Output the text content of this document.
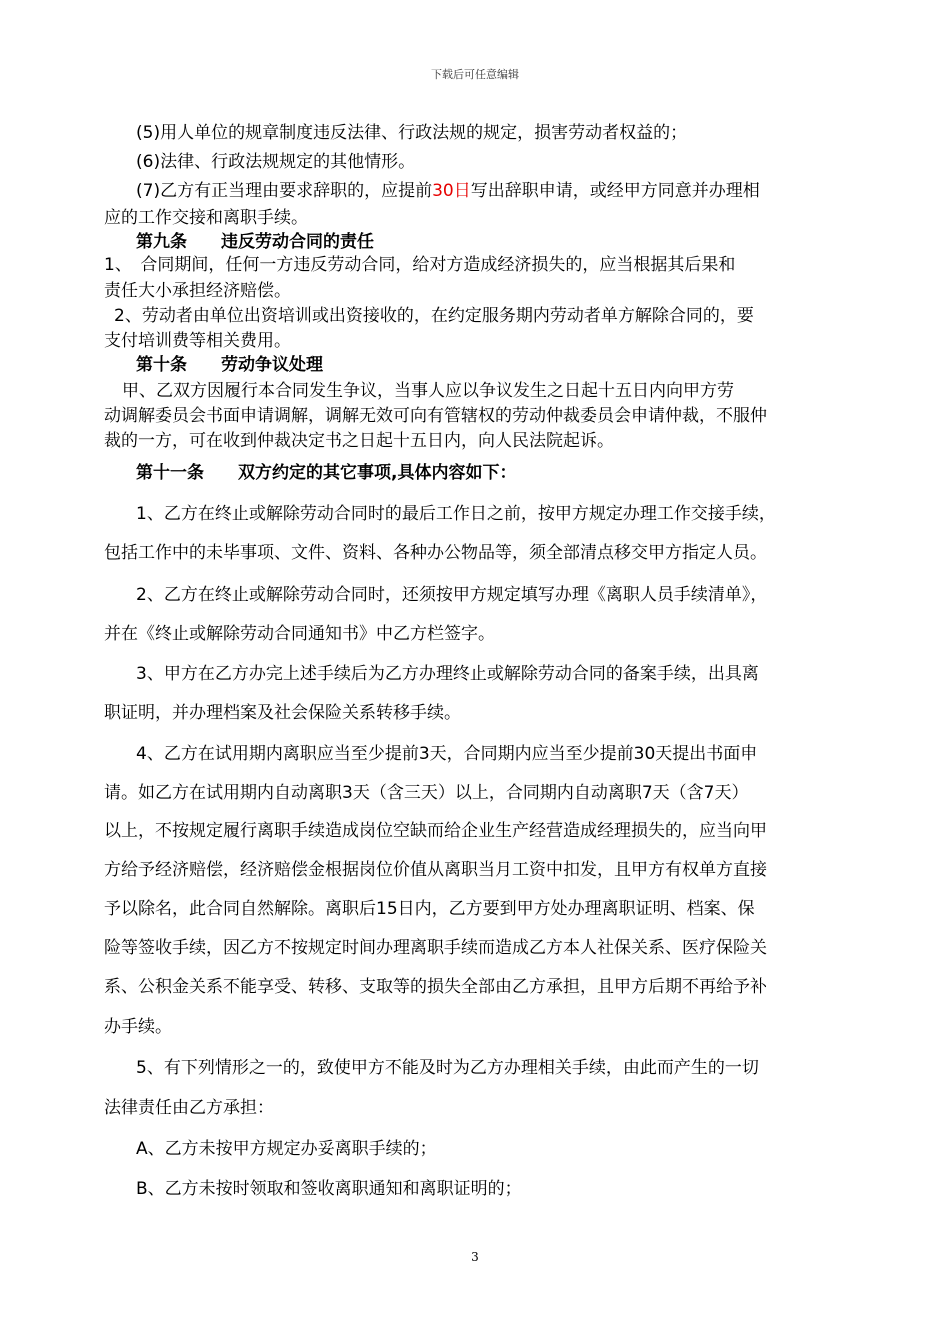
下载后可任意编辑
(5)用人单位的规章制度违反法律、行政法规的规定，损害劳动者权益的；
(6)法律、行政法规规定的其他情形。
(7)乙方有正当理由要求辞职的，应提前30日写出辞职申请，或经甲方同意并办理相
应的工作交接和离职手续。
第九条　　违反劳动合同的责任
1、　合同期间，任何一方违反劳动合同，给对方造成经济损失的，应当根据其后果和
责任大小承担经济赔偿。
2、劳动者由单位出资培训或出资接收的，在约定服务期内劳动者单方解除合同的，要
支付培训费等相关费用。
第十条　　劳动争议处理
甲、乙双方因履行本合同发生争议，当事人应以争议发生之日起十五日内向甲方劳
动调解委员会书面申请调解，调解无效可向有管辖权的劳动仲裁委员会申请仲裁，不服仲
裁的一方，可在收到仲裁决定书之日起十五日内，向人民法院起诉。
第十一条　　双方约定的其它事项,具体内容如下：
1、乙方在终止或解除劳动合同时的最后工作日之前，按甲方规定办理工作交接手续，
包括工作中的未毕事项、文件、资料、各种办公物品等，须全部清点移交甲方指定人员。
2、乙方在终止或解除劳动合同时，还须按甲方规定填写办理《离职人员手续清单》，
并在《终止或解除劳动合同通知书》中乙方栏签字。
3、甲方在乙方办完上述手续后为乙方办理终止或解除劳动合同的备案手续，出具离
职证明，并办理档案及社会保险关系转移手续。
4、乙方在试用期内离职应当至少提前3天，合同期内应当至少提前30天提出书面申
请。如乙方在试用期内自动离职3天（含三天）以上，合同期内自动离职7天（含7天）
以上，不按规定履行离职手续造成岗位空缺而给企业生产经营造成经理损失的，应当向甲
方给予经济赔偿，经济赔偿金根据岗位价值从离职当月工资中扣发，且甲方有权单方直接
予以除名，此合同自然解除。离职后15日内，乙方要到甲方处办理离职证明、档案、保
险等签收手续，因乙方不按规定时间办理离职手续而造成乙方本人社保关系、医疗保险关
系、公积金关系不能享受、转移、支取等的损失全部由乙方承担，且甲方后期不再给予补
办手续。
5、有下列情形之一的，致使甲方不能及时为乙方办理相关手续，由此而产生的一切
法律责任由乙方承担：
A、乙方未按甲方规定办妥离职手续的；
B、乙方未按时领取和签收离职通知和离职证明的；
3
